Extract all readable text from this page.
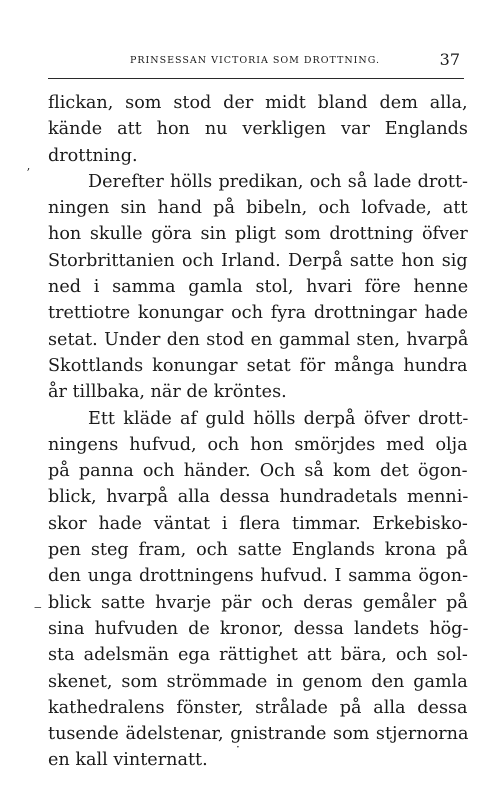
PRINSESSAN VICTORIA SOM DROTTNING.	37
ʼ
‒
·
flickan, som stod der midt bland dem alla,
kände att hon nu verkligen var Englands
drottning.
Derefter hölls predikan, och så lade drott-
ningen sin hand på bibeln, och lofvade, att
hon skulle göra sin pligt som drottning öfver
Storbrittanien och Irland. Derpå satte hon sig
ned i samma gamla stol, hvari före henne
trettiotre konungar och fyra drottningar hade
setat. Under den stod en gammal sten, hvarpå
Skottlands konungar setat för många hundra
år tillbaka, när de kröntes.
Ett kläde af guld hölls derpå öfver drott-
ningens hufvud, och hon smörjdes med olja
på panna och händer. Och så kom det ögon-
blick, hvarpå alla dessa hundradetals menni-
skor hade väntat i flera timmar. Erkebisko-
pen steg fram, och satte Englands krona på
den unga drottningens hufvud. I samma ögon-
blick satte hvarje pär och deras gemåler på
sina hufvuden de kronor, dessa landets hög-
sta adelsmän ega rättighet att bära, och sol-
skenet, som strömmade in genom den gamla
kathedralens fönster, strålade på alla dessa
tusende ädelstenar, gnistrande som stjernorna
en kall vinternatt.
